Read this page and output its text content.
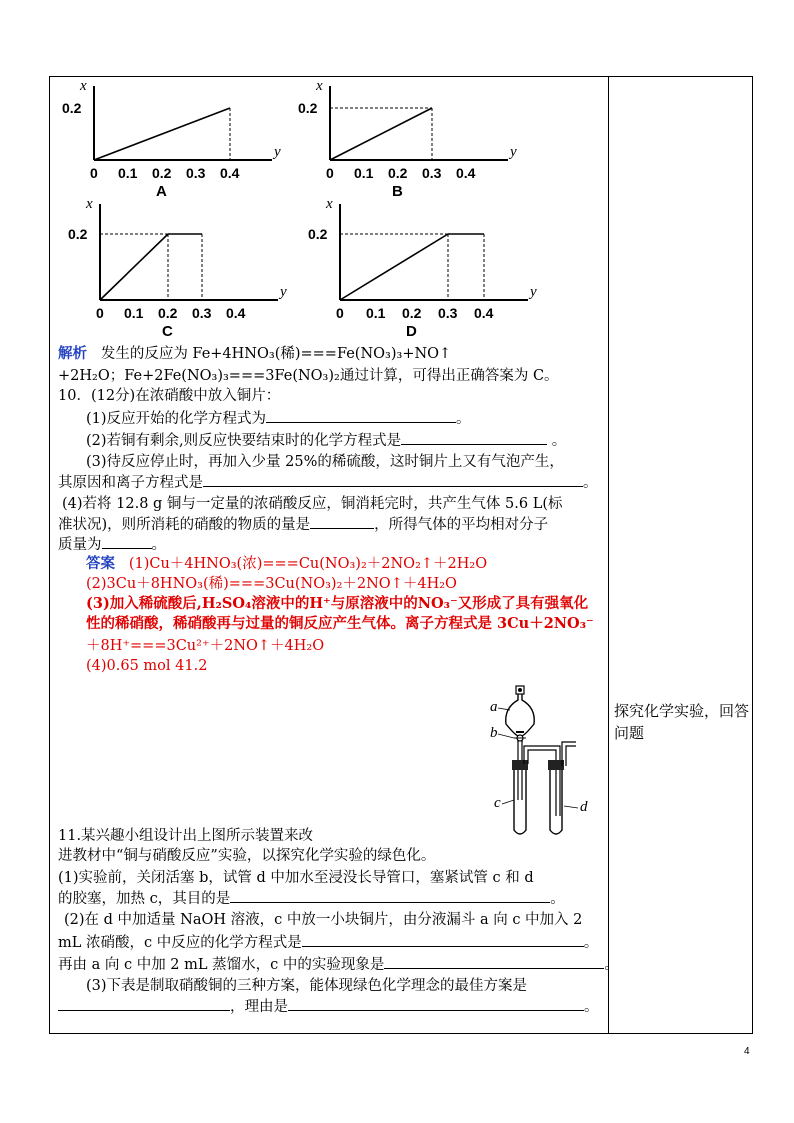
x
y
0.2
0 0.1 0.2 0.3 0.4
A
x
y
0.2
0 0.1 0.2 0.3 0.4
B
x
y
0.2
0 0.1 0.2 0.3 0.4
C
x
y
0.2
0 0.1 0.2 0.3 0.4
D
解析 发生的反应为 Fe+4HNO₃(稀)===Fe(NO₃)₃+NO↑
+2H₂O；Fe+2Fe(NO₃)₃===3Fe(NO₃)₂通过计算，可得出正确答案为 C。
10．(12分)在浓硝酸中放入铜片：
(1)反应开始的化学方程式为	。
(2)若铜有剩余,则反应快要结束时的化学方程式是	。
(3)待反应停止时，再加入少量 25%的稀硫酸，这时铜片上又有气泡产生，
其原因和离子方程式是	。
(4)若将 12.8 g 铜与一定量的浓硝酸反应，铜消耗完时，共产生气体 5.6 L(标
准状况)，则所消耗的硝酸的物质的量是	，所得气体的平均相对分子
质量为	。
答案 (1)Cu＋4HNO₃(浓)===Cu(NO₃)₂＋2NO₂↑＋2H₂O
(2)3Cu＋8HNO₃(稀)===3Cu(NO₃)₂＋2NO↑＋4H₂O
(3)加入稀硫酸后,H₂SO₄溶液中的H⁺与原溶液中的NO₃⁻又形成了具有强氧化
性的稀硝酸，稀硝酸再与过量的铜反应产生气体。离子方程式是 3Cu＋2NO₃⁻
＋8H⁺===3Cu²⁺＋2NO↑＋4H₂O
(4)0.65 mol 41.2
a
b
c	d
11.某兴趣小组设计出上图所示装置来改
进教材中“铜与硝酸反应”实验，以探究化学实验的绿色化。
(1)实验前，关闭活塞 b，试管 d 中加水至浸没长导管口，塞紧试管 c 和 d
的胶塞，加热 c，其目的是	。
(2)在 d 中加适量 NaOH 溶液，c 中放一小块铜片，由分液漏斗 a 向 c 中加入 2
mL 浓硝酸，c 中反应的化学方程式是	。
再由 a 向 c 中加 2 mL 蒸馏水，c 中的实验现象是	。
(3)下表是制取硝酸铜的三种方案，能体现绿色化学理念的最佳方案是
，理由是	。
探究化学实验，回答问题
4
